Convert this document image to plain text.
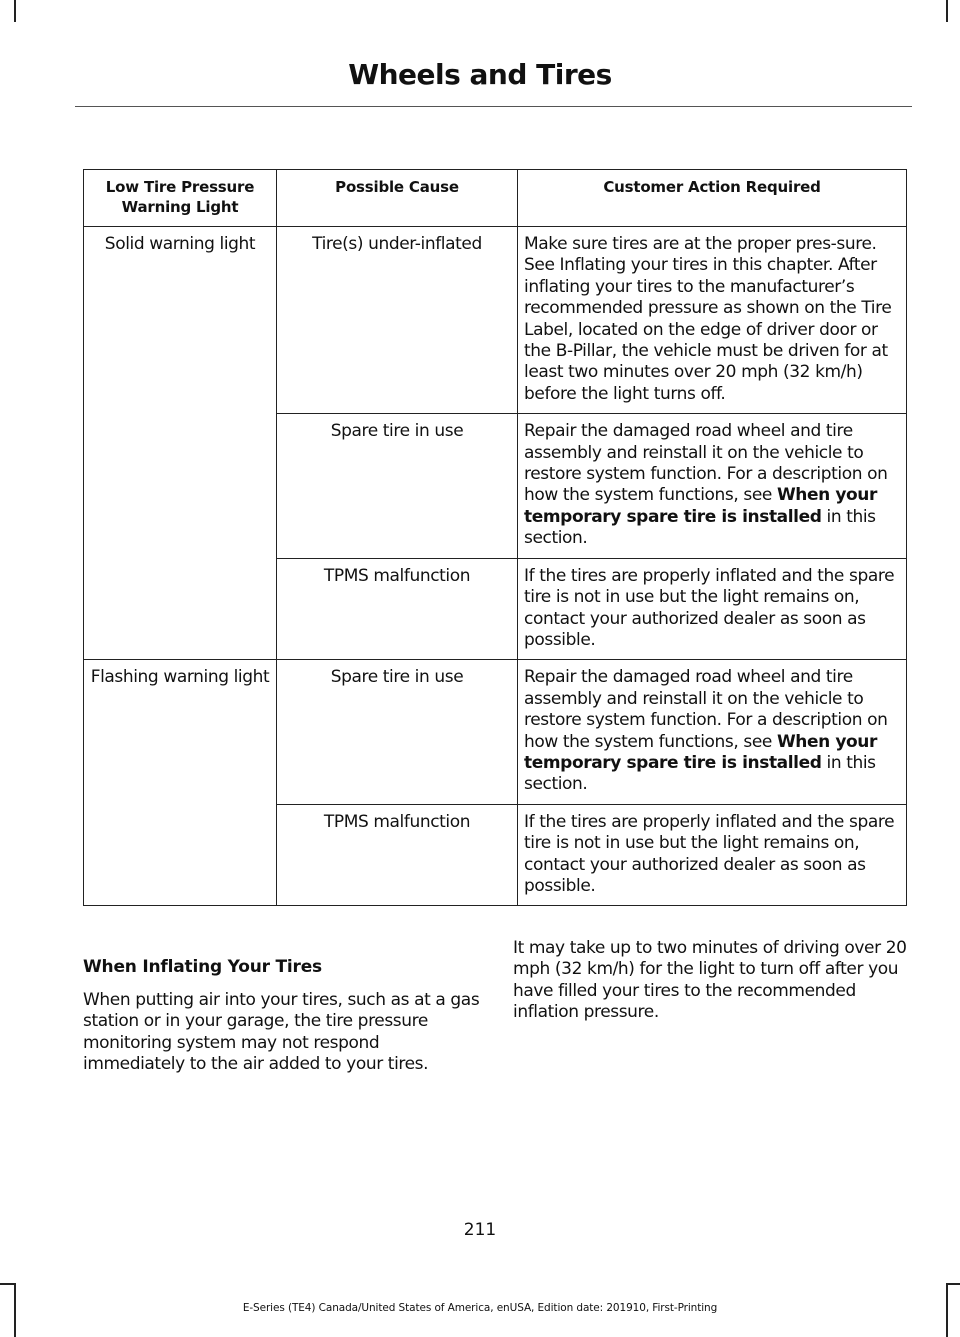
Wheels and Tires
Low Tire Pressure Warning Light	Possible Cause	Customer Action Required
Solid warning light	Tire(s) under-inflated	Make sure tires are at the proper pres-sure. See Inflating your tires in this chapter. After inflating your tires to the manufacturer’s recommended pressure as shown on the Tire Label, located on the edge of driver door or the B-Pillar, the vehicle must be driven for at least two minutes over 20 mph (32 km/h) before the light turns off.
	Spare tire in use	Repair the damaged road wheel and tire assembly and reinstall it on the vehicle to restore system function. For a description on how the system functions, see When your temporary spare tire is installed in this section.
	TPMS malfunction	If the tires are properly inflated and the spare tire is not in use but the light remains on, contact your authorized dealer as soon as possible.
Flashing warning light	Spare tire in use	Repair the damaged road wheel and tire assembly and reinstall it on the vehicle to restore system function. For a description on how the system functions, see When your temporary spare tire is installed in this section.
	TPMS malfunction	If the tires are properly inflated and the spare tire is not in use but the light remains on, contact your authorized dealer as soon as possible.
When Inflating Your Tires
When putting air into your tires, such as at a gas station or in your garage, the tire pressure monitoring system may not respond immediately to the air added to your tires.
It may take up to two minutes of driving over 20 mph (32 km/h) for the light to turn off after you have filled your tires to the recommended inflation pressure.
211
E-Series (TE4) Canada/United States of America, enUSA, Edition date: 201910, First-Printing
